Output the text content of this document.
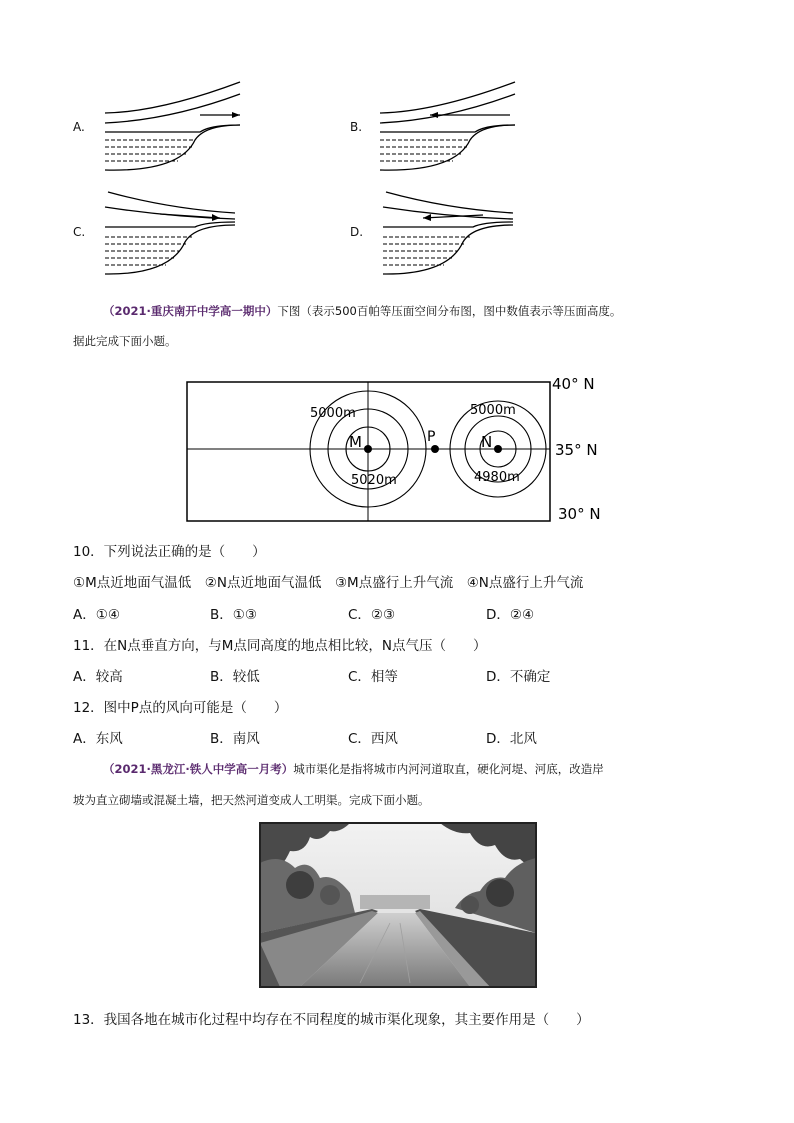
A.	B.
C.	D.
（2021·重庆南开中学高一期中）下图（表示500百帕等压面空间分布图，图中数值表示等压面高度。
据此完成下面小题。
40° N
35° N
30° N
5000m
M
5020m
P
5000m
N
4980m
10．下列说法正确的是（　　）
①M点近地面气温低　②N点近地面气温低　③M点盛行上升气流　④N点盛行上升气流
A．①④	B．①③	C．②③	D．②④
11．在N点垂直方向，与M点同高度的地点相比较，N点气压（　　）
A．较高	B．较低	C．相等	D．不确定
12．图中P点的风向可能是（　　）
A．东风	B．南风	C．西风	D．北风
（2021·黑龙江·铁人中学高一月考）城市渠化是指将城市内河河道取直，硬化河堤、河底，改造岸
坡为直立砌墙或混凝土墙，把天然河道变成人工明渠。完成下面小题。
13．我国各地在城市化过程中均存在不同程度的城市渠化现象，其主要作用是（　　）
